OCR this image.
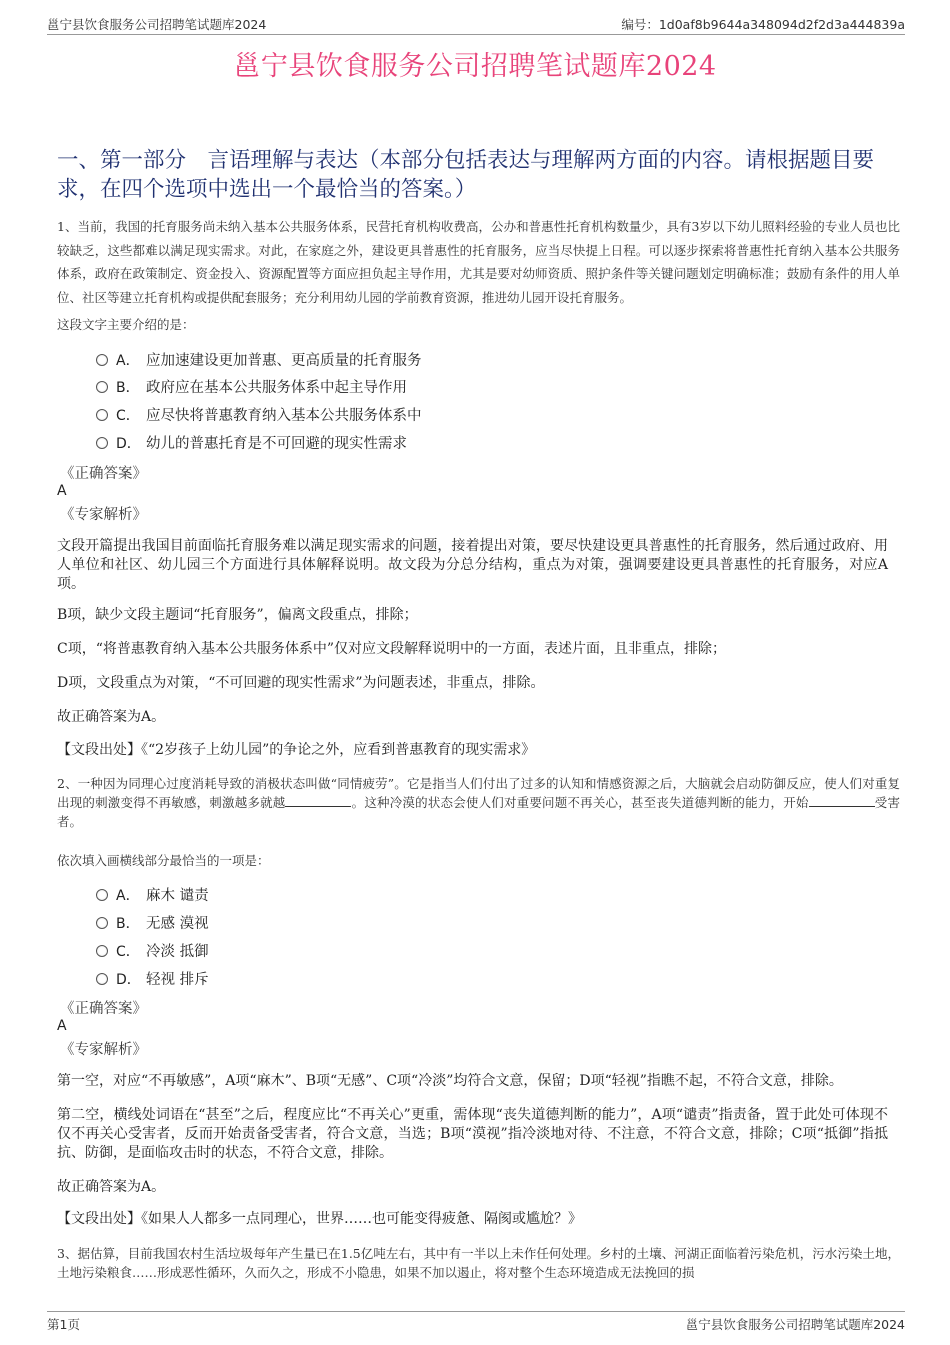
邕宁县饮食服务公司招聘笔试题库2024	编号：1d0af8b9644a348094d2f2d3a444839a
邕宁县饮食服务公司招聘笔试题库2024
一、第一部分　言语理解与表达（本部分包括表达与理解两方面的内容。请根据题目要求，在四个选项中选出一个最恰当的答案。）
1、当前，我国的托育服务尚未纳入基本公共服务体系，民营托育机构收费高，公办和普惠性托育机构数量少，具有3岁以下幼儿照料经验的专业人员也比较缺乏，这些都难以满足现实需求。对此，在家庭之外，建设更具普惠性的托育服务，应当尽快提上日程。可以逐步探索将普惠性托育纳入基本公共服务体系，政府在政策制定、资金投入、资源配置等方面应担负起主导作用，尤其是要对幼师资质、照护条件等关键问题划定明确标准；鼓励有条件的用人单位、社区等建立托育机构或提供配套服务；充分利用幼儿园的学前教育资源，推进幼儿园开设托育服务。
这段文字主要介绍的是：
A． 应加速建设更加普惠、更高质量的托育服务
B． 政府应在基本公共服务体系中起主导作用
C． 应尽快将普惠教育纳入基本公共服务体系中
D． 幼儿的普惠托育是不可回避的现实性需求
《正确答案》
A
《专家解析》
文段开篇提出我国目前面临托育服务难以满足现实需求的问题，接着提出对策，要尽快建设更具普惠性的托育服务，然后通过政府、用人单位和社区、幼儿园三个方面进行具体解释说明。故文段为分总分结构，重点为对策，强调要建设更具普惠性的托育服务，对应A项。
B项，缺少文段主题词“托育服务”，偏离文段重点，排除；
C项，“将普惠教育纳入基本公共服务体系中”仅对应文段解释说明中的一方面，表述片面，且非重点，排除；
D项，文段重点为对策，“不可回避的现实性需求”为问题表述，非重点，排除。
故正确答案为A。
【文段出处】《“2岁孩子上幼儿园”的争论之外，应看到普惠教育的现实需求》
2、一种因为同理心过度消耗导致的消极状态叫做“同情疲劳”。它是指当人们付出了过多的认知和情感资源之后，大脑就会启动防御反应，使人们对重复出现的刺激变得不再敏感，刺激越多就越	。这种冷漠的状态会使人们对重要问题不再关心，甚至丧失道德判断的能力，开始	受害者。
依次填入画横线部分最恰当的一项是：
A． 麻木 谴责
B． 无感 漠视
C． 冷淡 抵御
D． 轻视 排斥
《正确答案》
A
《专家解析》
第一空，对应“不再敏感”，A项“麻木”、B项“无感”、C项“冷淡”均符合文意，保留；D项“轻视”指瞧不起，不符合文意，排除。
第二空，横线处词语在“甚至”之后，程度应比“不再关心”更重，需体现“丧失道德判断的能力”，A项“谴责”指责备，置于此处可体现不仅不再关心受害者，反而开始责备受害者，符合文意，当选；B项“漠视”指冷淡地对待、不注意，不符合文意，排除；C项“抵御”指抵抗、防御，是面临攻击时的状态，不符合文意，排除。
故正确答案为A。
【文段出处】《如果人人都多一点同理心，世界……也可能变得疲惫、隔阂或尴尬？》
3、据估算，目前我国农村生活垃圾每年产生量已在1.5亿吨左右，其中有一半以上未作任何处理。乡村的土壤、河湖正面临着污染危机，污水污染土地，土地污染粮食……形成恶性循环，久而久之，形成不小隐患，如果不加以遏止，将对整个生态环境造成无法挽回的损
第1页	邕宁县饮食服务公司招聘笔试题库2024
